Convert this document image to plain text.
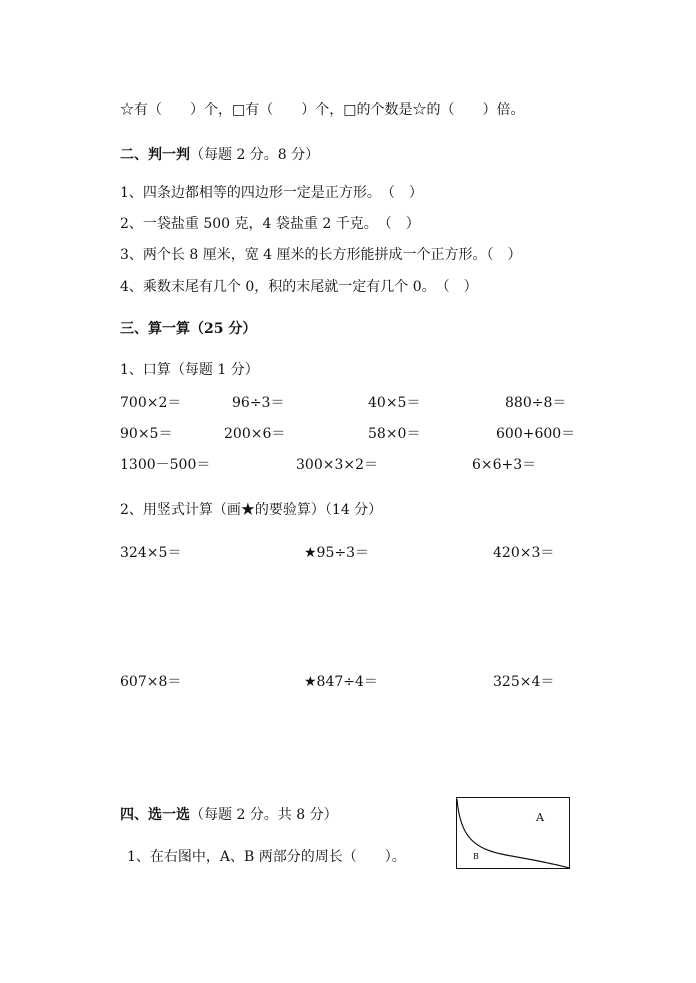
☆有（　　）个，□有（　　）个，□的个数是☆的（　　）倍。
二、判一判（每题 2 分。8 分）
1、四条边都相等的四边形一定是正方形。　（　）
2、一袋盐重 500 克，4 袋盐重 2 千克。　（　）
3、两个长 8 厘米，宽 4 厘米的长方形能拼成一个正方形。（　）
4、乘数末尾有几个 0，积的末尾就一定有几个 0。　（　）
三、算一算（25 分）
1、口算（每题 1 分）
700×2＝	96÷3＝	40×5＝	880÷8＝
90×5＝	200×6＝	58×0＝	600+600＝
1300－500＝	300×3×2＝	6×6+3＝
2、用竖式计算（画★的要验算）（14 分）
324×5＝	★95÷3＝	420×3＝
607×8＝	★847÷4＝	325×4＝
四、选一选（每题 2 分。共 8 分）
1、在右图中，A、B 两部分的周长（　　）。
A
B
